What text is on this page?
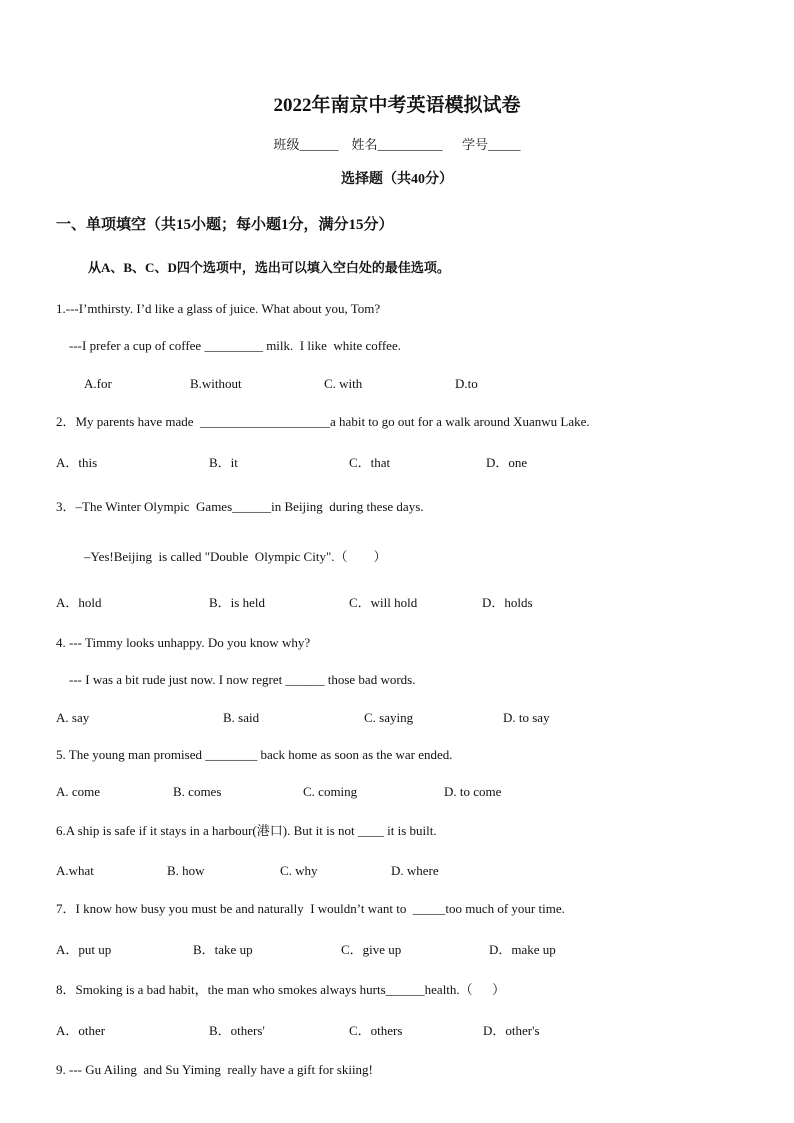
2022年南京中考英语模拟试卷
班级______    姓名__________      学号_____
选择题（共40分）
一、单项填空（共15小题；每小题1分，满分15分）
从A、B、C、D四个选项中，选出可以填入空白处的最佳选项。
1.---I’mthirsty. I’d like a glass of juice. What about you, Tom?
---I prefer a cup of coffee _________ milk.  I like  white coffee.
A.for	B.without	C. with	D.to
2．My parents have made  ____________________a habit to go out for a walk around Xuanwu Lake.
A．this	B．it	C．that	D．one
3．–The Winter Olympic  Games______in Beijing  during these days.
–Yes!Beijing  is called "Double  Olympic City".（        ）
A．hold	B．is held	C．will hold	D．holds
4. --- Timmy looks unhappy. Do you know why?
--- I was a bit rude just now. I now regret ______ those bad words.
A. say	B. said	C. saying	D. to say
5. The young man promised ________ back home as soon as the war ended.
A. come	B. comes	C. coming	D. to come
6.A ship is safe if it stays in a harbour(港口). But it is not ____ it is built.
A.what	B. how	C. why	D. where
7．I know how busy you must be and naturally  I wouldn’t want to  _____too much of your time.
A．put up	B．take up	C．give up	D．make up
8．Smoking is a bad habit，the man who smokes always hurts______health.（      ）
A．other	B．others'	C．others	D．other's
9. --- Gu Ailing  and Su Yiming  really have a gift for skiing!
